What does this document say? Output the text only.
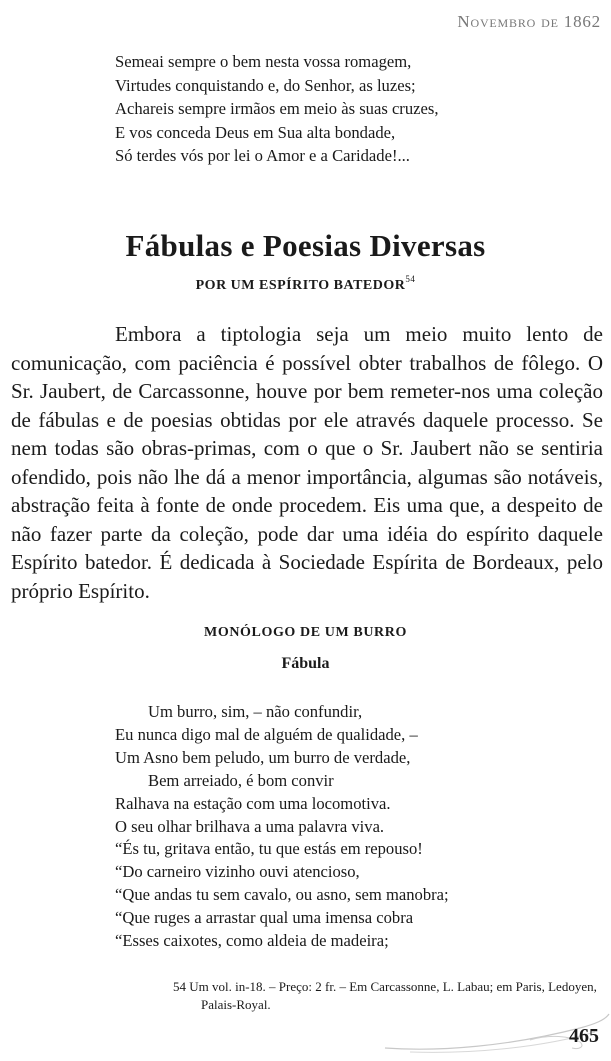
Novembro de 1862
Semeai sempre o bem nesta vossa romagem,
Virtudes conquistando e, do Senhor, as luzes;
Achareis sempre irmãos em meio às suas cruzes,
E vos conceda Deus em Sua alta bondade,
Só terdes vós por lei o Amor e a Caridade!...
Fábulas e Poesias Diversas
POR UM ESPÍRITO BATEDOR$^{54}$
Embora a tiptologia seja um meio muito lento de comunicação, com paciência é possível obter trabalhos de fôlego. O Sr. Jaubert, de Carcassonne, houve por bem remeter-nos uma coleção de fábulas e de poesias obtidas por ele através daquele processo. Se nem todas são obras-primas, com o que o Sr. Jaubert não se sentiria ofendido, pois não lhe dá a menor importância, algumas são notáveis, abstração feita à fonte de onde procedem. Eis uma que, a despeito de não fazer parte da coleção, pode dar uma idéia do espírito daquele Espírito batedor. É dedicada à Sociedade Espírita de Bordeaux, pelo próprio Espírito.
MONÓLOGO DE UM BURRO
Fábula
Um burro, sim, – não confundir,
Eu nunca digo mal de alguém de qualidade, –
Um Asno bem peludo, um burro de verdade,
Bem arreiado, é bom convir
Ralhava na estação com uma locomotiva.
O seu olhar brilhava a uma palavra viva.
“És tu, gritava então, tu que estás em repouso!
“Do carneiro vizinho ouvi atencioso,
“Que andas tu sem cavalo, ou asno, sem manobra;
“Que ruges a arrastar qual uma imensa cobra
“Esses caixotes, como aldeia de madeira;
54 Um vol. in-18. – Preço: 2 fr. – Em Carcassonne, L. Labau; em Paris, Ledoyen, Palais-Royal.
465
